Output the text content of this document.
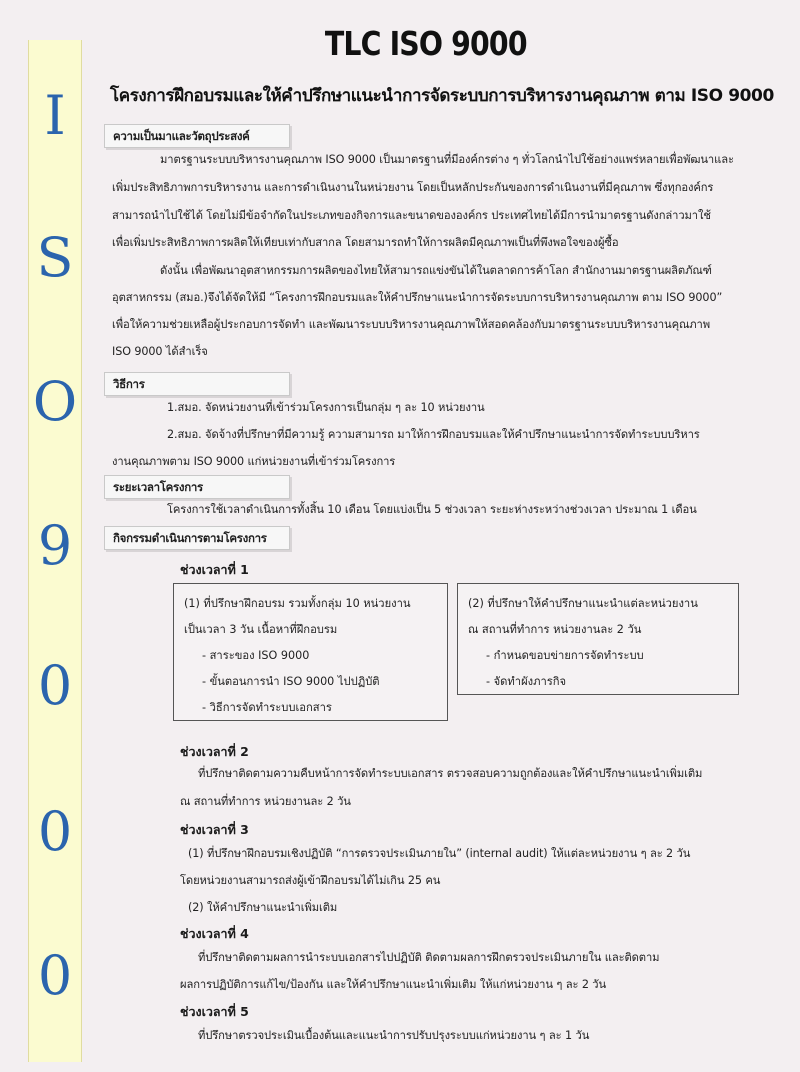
I
S
O
9
0
0
0
TLC ISO 9000
โครงการฝึกอบรมและให้คำปรึกษาแนะนำการจัดระบบการบริหารงานคุณภาพ ตาม ISO 9000
ความเป็นมาและวัตถุประสงค์
มาตรฐานระบบบริหารงานคุณภาพ ISO 9000 เป็นมาตรฐานที่มีองค์กรต่าง ๆ ทั่วโลกนำไปใช้อย่างแพร่หลายเพื่อพัฒนาและ
เพิ่มประสิทธิภาพการบริหารงาน และการดำเนินงานในหน่วยงาน โดยเป็นหลักประกันของการดำเนินงานที่มีคุณภาพ ซึ่งทุกองค์กร
สามารถนำไปใช้ได้ โดยไม่มีข้อจำกัดในประเภทของกิจการและขนาดขององค์กร ประเทศไทยได้มีการนำมาตรฐานดังกล่าวมาใช้
เพื่อเพิ่มประสิทธิภาพการผลิตให้เทียบเท่ากับสากล โดยสามารถทำให้การผลิตมีคุณภาพเป็นที่พึงพอใจของผู้ซื้อ
ดังนั้น เพื่อพัฒนาอุตสาหกรรมการผลิตของไทยให้สามารถแข่งขันได้ในตลาดการค้าโลก สำนักงานมาตรฐานผลิตภัณฑ์
อุตสาหกรรม (สมอ.)จึงได้จัดให้มี “โครงการฝึกอบรมและให้คำปรึกษาแนะนำการจัดระบบการบริหารงานคุณภาพ ตาม ISO 9000”
เพื่อให้ความช่วยเหลือผู้ประกอบการจัดทำ และพัฒนาระบบบริหารงานคุณภาพให้สอดคล้องกับมาตรฐานระบบบริหารงานคุณภาพ
ISO 9000 ได้สำเร็จ
วิธีการ
1.สมอ. จัดหน่วยงานที่เข้าร่วมโครงการเป็นกลุ่ม ๆ ละ 10 หน่วยงาน
2.สมอ. จัดจ้างที่ปรึกษาที่มีความรู้ ความสามารถ มาให้การฝึกอบรมและให้คำปรึกษาแนะนำการจัดทำระบบบริหาร
งานคุณภาพตาม ISO 9000 แก่หน่วยงานที่เข้าร่วมโครงการ
ระยะเวลาโครงการ
โครงการใช้เวลาดำเนินการทั้งสิ้น 10 เดือน โดยแบ่งเป็น 5 ช่วงเวลา ระยะห่างระหว่างช่วงเวลา ประมาณ 1 เดือน
กิจกรรมดำเนินการตามโครงการ
ช่วงเวลาที่ 1
(1) ที่ปรึกษาฝึกอบรม รวมทั้งกลุ่ม 10 หน่วยงาน
เป็นเวลา 3 วัน เนื้อหาที่ฝึกอบรม
- สาระของ ISO 9000
- ขั้นตอนการนำ ISO 9000 ไปปฏิบัติ
- วิธีการจัดทำระบบเอกสาร
(2) ที่ปรึกษาให้คำปรึกษาแนะนำแต่ละหน่วยงาน
ณ สถานที่ทำการ หน่วยงานละ 2 วัน
- กำหนดขอบข่ายการจัดทำระบบ
- จัดทำผังภารกิจ
ช่วงเวลาที่ 2
ที่ปรึกษาติดตามความคืบหน้าการจัดทำระบบเอกสาร ตรวจสอบความถูกต้องและให้คำปรึกษาแนะนำเพิ่มเติม
ณ สถานที่ทำการ หน่วยงานละ 2 วัน
ช่วงเวลาที่ 3
(1) ที่ปรึกษาฝึกอบรมเชิงปฏิบัติ “การตรวจประเมินภายใน” (internal audit) ให้แต่ละหน่วยงาน ๆ ละ 2 วัน
โดยหน่วยงานสามารถส่งผู้เข้าฝึกอบรมได้ไม่เกิน 25 คน
(2) ให้คำปรึกษาแนะนำเพิ่มเติม
ช่วงเวลาที่ 4
ที่ปรึกษาติดตามผลการนำระบบเอกสารไปปฏิบัติ ติดตามผลการฝึกตรวจประเมินภายใน และติดตาม
ผลการปฏิบัติการแก้ไข/ป้องกัน และให้คำปรึกษาแนะนำเพิ่มเติม ให้แก่หน่วยงาน ๆ ละ 2 วัน
ช่วงเวลาที่ 5
ที่ปรึกษาตรวจประเมินเบื้องต้นและแนะนำการปรับปรุงระบบแก่หน่วยงาน ๆ ละ 1 วัน
